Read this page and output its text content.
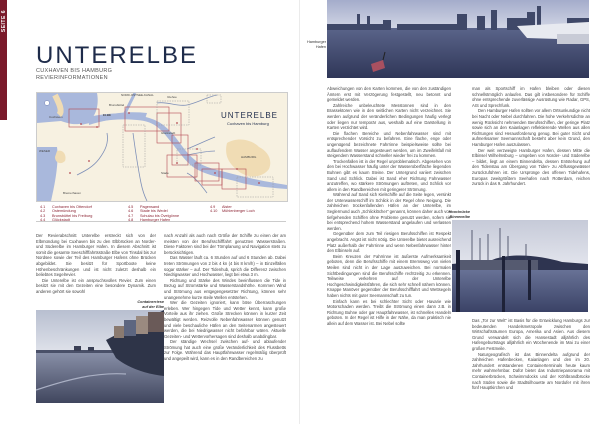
SEITE 6
UNTERELBE
CUXHAVEN BIS HAMBURG
REVIERINFORMATIONEN
UNTERELBE
Cuxhaven bis Hamburg
NORD-OSTSEE-KANAL
Brunsbüttel
Cuxhaven	ELBE
Glückstadt
Stade
HAMBURG
WESER
Bremerhaven
Itzehoe
4.1 Cuxhaven bis Ottendorf
4.2 Ostemündung
4.3 Brunsbüttel bis Freiburg
4.4 Glückstadt
4.5 Pagensand
4.6 Stade bis Wedel
4.7 Schulau bis Övelgönne
4.8 Hamburger Hafen
4.9 Alster
4.10 Mühlenberger Loch

Der Revierabschnitt Unterelbe erstreckt sich von der Elbmündung bei Cuxhaven bis zu den Elbbrücken an Norder- und Süderelbe im Hamburger Hafen. In diesem Abschnitt ist somit die gesamte Seeschifffahrtsstraße Elbe von Tinsdal bis zur Nordsee sowie der Teil des Hamburger Hafens ohne Brücken abgebildet. Sie besitzt für Sportboote keine Höhenbeschränkungen und ist nicht zuletzt deshalb ein beliebtes Segelrevier.

Die Unterelbe ist ein anspruchsvolles Revier. Zum einen besitzt sie mit den Gezeiten eine besondere Dynamik. Zum anderen gehört sie sowohl

nach Anzahl als auch nach Größe der Schiffe zu einen der am meisten von der Berufsschifffahrt genutzten Wasserstraßen. Diese Faktoren sind bei der Törnplanung und Navigation stets zu berücksichtigen.

Das Wasser läuft ca. 6 Stunden auf und 6 Stunden ab. Dabei treten Strömungen von 2 bis 4 kn (4 bis 8 km/h) – in Einzelfällen sogar stärker – auf. Der Tidenhub, sprich die Differenz zwischen Niedrigwasser und Hochwasser, liegt bei etwa 3 m.

Richtung und Stärke des Windes beeinflussen die Tide in Bezug auf Stromstärke und Wasserstandshöhe. Kommen Wind und Strömung aus entgegengesetzter Richtung, können sehr unangenehme kurze steile Wellen entstehen.

Wer die Gezeiten ignoriert, kann böse Überraschungen erleben. Wer hingegen Tide und Wetter kennt, kann große Vorteile aus ihr ziehen. Große Strecken können in kurzer Zeit bewältigt werden. Reizvolle Nebenfahrwasser können genutzt und viele beschauliche Häfen an den Seitenarmen angesteuert werden, die bei Niedrigwasser nicht befahrbar wären. Aktuelle Gezeiten- und Wettervorhersagen sind deshalb unabdingbar.

Der ständige Wechsel zwischen auf- und ablaufender Strömung hat auch eine große Veränderlichkeit des Flussbetts zur Folge. Während das Hauptfahrwasser regelmäßig überprüft und angepeilt wird, kann es in den Randbereichen zu

Containerriese
auf der Elbe
Hamburger
Hafen

Abweichungen von den Karten kommen, die von den zuständigen Ämtern erst mit Verzögerung festgestellt, neu betonnt und gemeldet werden.

Zahlreiche unbeleuchtete Messtonnen sind in den Brassektoren wie in den seitlichen Karten nicht verzeichnet. Sie werden aufgrund der veränderlichen Bedingungen häufig verlegt oder liegen nur temporär aus, weshalb auf eine Darstellung in Karten verzichtet wird.

Die flachen Bereiche und Nebenfahrwasser sind mit entsprechender Vorsicht zu befahren. Eine flache, enge oder ungenügend bezeichnete Fahrrinne beispielsweise sollte bei auflaufendem Wasser angesteuert werden, um im Zweifelsfall mit steigendem Wasserstand schneller wieder frei zu kommen.

Trockenfallen ist in der Regel unproblematisch. Abgesehen von den bei Hochwasser häufig unter der Wasseroberfläche liegenden Buhnen gibt es kaum Steine. Der Untergrund variiert zwischen Sand und Schlick. Dabei ist Sand eher Richtung Fahrwasser anzutreffen, wo stärkere Strömungen auftreten, und Schlick vor allem in den Randbereichen mit geringerer Strömung.

Während auf Sand sich Kielschiffe auf die Seite legen, versinkt der Unterwasserschiff im Schlick in der Regel ohne Neigung. Die zahlreichen trockenfallenden Häfen an der Unterelbe, im Seglermund auch „Schlicklöcher“ genannt, können daher auch von tiefgehenden Schiffen ohne Probleme genutzt werden, sofern sie bei entsprechend hohem Wasserstand angelaufen und verlassen werden.

Gegenüber dem zum Teil riesigen Berufsschiffen ist Respekt angebracht. Angst ist nicht nötig. Die Unterelbe bietet ausreichend Platz außerhalb der Fahrrinne und wenn Nebenfahrwasser hinter den Elbinseln auf.

Beim Kreuzen der Fahrrinne ist äußerste Aufmerksamkeit geboten, denn die Berufsschiffe mit einem Bremsweg von vielen Meilen sind nicht in der Lage auszuweichen. Bei normalen Sichtbedingungen sind die Berufsschiffe rechtzeitig zu erkennen. Teilweise verkehren auf der Unterelbe Hochgeschwindigkeitsfähren, die sich sehr schnell nähern können. Knappe Manöver gegenüber der Berufsschifffahrt und Wettsegeln haben nichts mit guter Seemannschaft zu tun.

Einfach kann es bei schlechter Sicht oder Havarie wie Motorschaden werden. Treibt die Strömung einen dann z.B. in Richtung Buhne oder gar Hauptfahrwasser, ist schnelles Handeln geboten. In der Regel ist Hilfe in der Nähe, da man praktisch nie allein auf dem Wasser ist. Bei Nebel sollte

man als Sportschiff im Hafen bleiben oder diesen schnellstmöglich anlaufen. Das gilt insbesondere für Schiffe ohne entsprechende zuverlässige Ausrüstung wie Radar, GPS, AIS und Sprechfunk.

Den Hamburger Hafen sollten vor allem Ortsunkundige nicht bei Nacht oder Nebel durchfahren. Die hohe Verkehrsdichte an wenig Rücksicht nehmenden Berufsschiffen, der geringe Platz sowie sich an den Kaianlagen reflektierende Wellen aus allen Richtungen sind Herausforderung genug. Bei guter Sicht und aufmerksamer Seemannschaft besteht aber kein Grund, den Hamburger Hafen auszulassen.

Der weit verzweigte Hamburger Hafen, dessen Mitte die Elbinsel Wilhelmsburg – umgeben von Norder- und Süderelbe – bildet, liegt an einem Binnendelta, dessen Entstehung auf den Tidenstau am Übergang von Tiden- zu Abflussgewässer zurückzuführen ist. Die Ursprünge des offenen Tidehafens, Europas zweitgrößtem Seehafen nach Rotterdam, reichen zurück in das 9. Jahrhundert.

Hoorbrücke
Binnenelbe

Das „Tor zur Welt“ ist Basis für die Entwicklung Hamburgs zur bedeutenden Handelsmetropole zwischen den Wirtschaftsräumen Europa, Amerika und Asien. Aus diesem Grund verwandelt sich die Hansestadt alljährlich des Hafengeburtstags alljährlich ein Wochenende im Mai zu einer großen Festmeile.

Naturgeografisch ist das Binnendelta aufgrund der zahlreichen Hafenbecken, Kaianlagen und den im 20. Jahrhundert entstandenen Containerterminals heute kaum mehr wahrnehmbar. Dafür bietet das Industriepanorama mit Containerbrücken, Schwimmdocks und der Köhlbrandbrücke nach Süden sowie die Stadtsilhouette am Nordufer mit ihren fünf Hauptkirchen und
